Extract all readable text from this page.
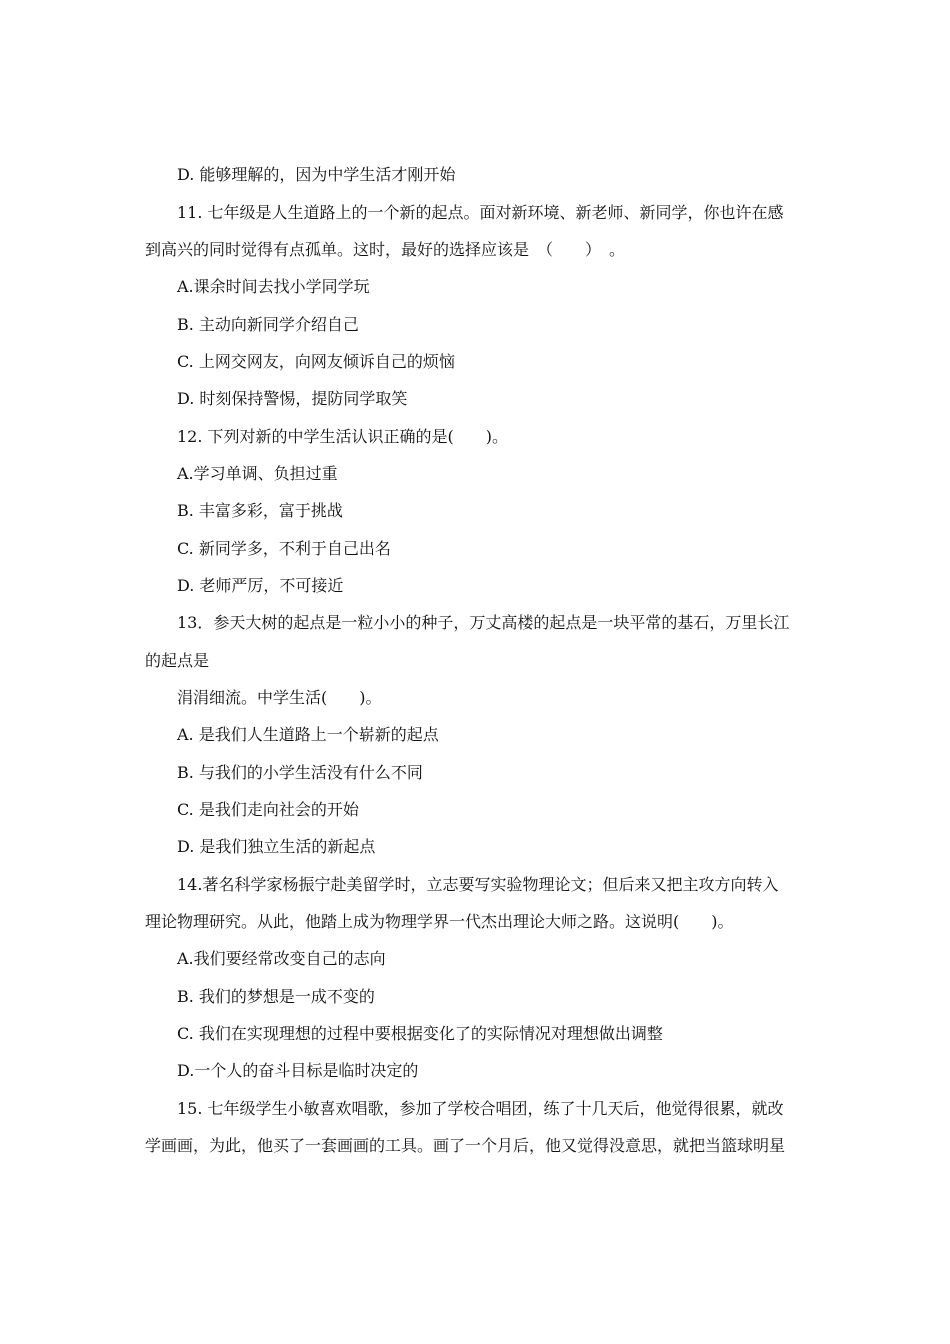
D. 能够理解的，因为中学生活才刚开始
11. 七年级是人生道路上的一个新的起点。面对新环境、新老师、新同学，你也许在感
到高兴的同时觉得有点孤单。这时，最好的选择应该是　（　　）　。
A.课余时间去找小学同学玩
B. 主动向新同学介绍自己
C. 上网交网友，向网友倾诉自己的烦恼
D. 时刻保持警惕，提防同学取笑
12. 下列对新的中学生活认识正确的是(　　)。
A.学习单调、负担过重
B. 丰富多彩，富于挑战
C. 新同学多，不利于自己出名
D. 老师严厉，不可接近
13．参天大树的起点是一粒小小的种子，万丈高楼的起点是一块平常的基石，万里长江
的起点是
涓涓细流。中学生活(　　)。
A. 是我们人生道路上一个崭新的起点
B. 与我们的小学生活没有什么不同
C. 是我们走向社会的开始
D. 是我们独立生活的新起点
14.著名科学家杨振宁赴美留学时，立志要写实验物理论文；但后来又把主攻方向转入
理论物理研究。从此，他踏上成为物理学界一代杰出理论大师之路。这说明(　　)。
A.我们要经常改变自己的志向
B. 我们的梦想是一成不变的
C. 我们在实现理想的过程中要根据变化了的实际情况对理想做出调整
D.一个人的奋斗目标是临时决定的
15. 七年级学生小敏喜欢唱歌，参加了学校合唱团，练了十几天后，他觉得很累，就改
学画画，为此，他买了一套画画的工具。画了一个月后，他又觉得没意思，就把当篮球明星
